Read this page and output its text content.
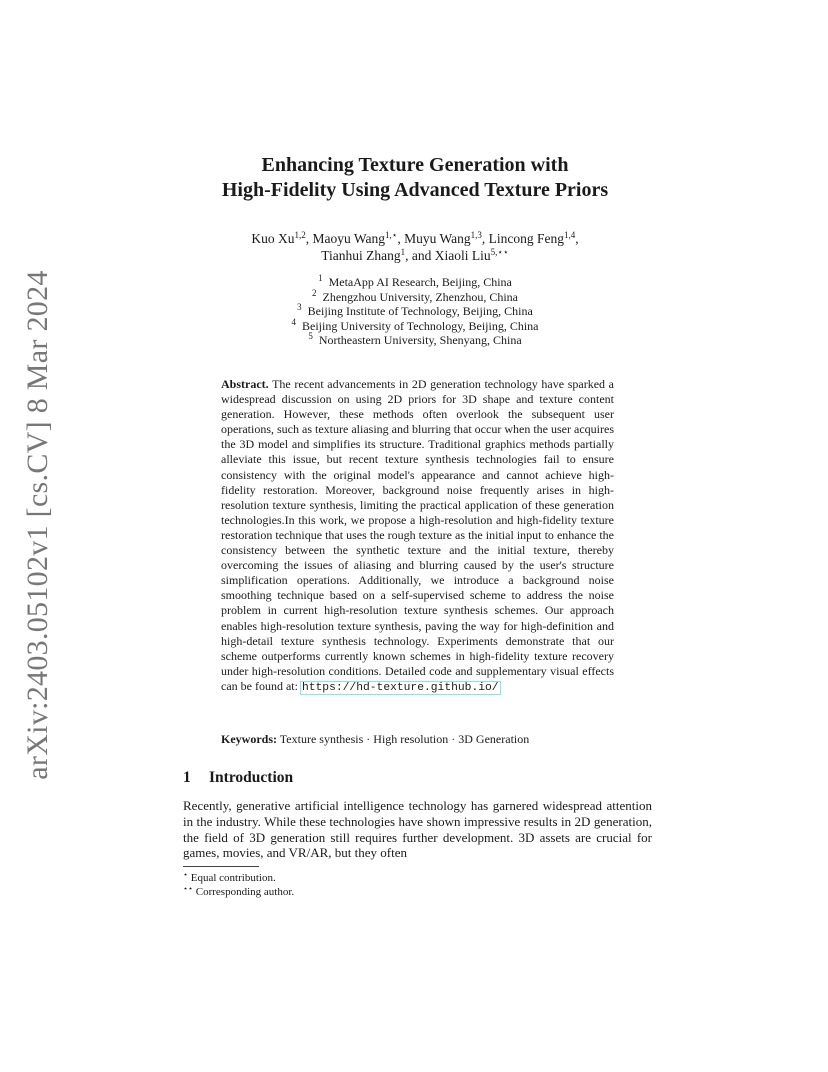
arXiv:2403.05102v1 [cs.CV] 8 Mar 2024
Enhancing Texture Generation with
High-Fidelity Using Advanced Texture Priors
Kuo Xu$^{1,2}$, Maoyu Wang$^{1,⋆}$, Muyu Wang$^{1,3}$, Lincong Feng$^{1,4}$,
Tianhui Zhang$^1$, and Xiaoli Liu$^{5,⋆⋆}$
$^1$ MetaApp AI Research, Beijing, China
$^2$ Zhengzhou University, Zhenzhou, China
$^3$ Beijing Institute of Technology, Beijing, China
$^4$ Beijing University of Technology, Beijing, China
$^5$ Northeastern University, Shenyang, China
Abstract. The recent advancements in 2D generation technology have sparked a widespread discussion on using 2D priors for 3D shape and texture content generation. However, these methods often overlook the subsequent user operations, such as texture aliasing and blurring that occur when the user acquires the 3D model and simplifies its structure. Traditional graphics methods partially alleviate this issue, but recent texture synthesis technologies fail to ensure consistency with the original model's appearance and cannot achieve high-fidelity restoration. Moreover, background noise frequently arises in high-resolution texture synthesis, limiting the practical application of these generation technologies.In this work, we propose a high-resolution and high-fidelity texture restoration technique that uses the rough texture as the initial input to enhance the consistency between the synthetic texture and the initial texture, thereby overcoming the issues of aliasing and blurring caused by the user's structure simplification operations. Additionally, we introduce a background noise smoothing technique based on a self-supervised scheme to address the noise problem in current high-resolution texture synthesis schemes. Our approach enables high-resolution texture synthesis, paving the way for high-definition and high-detail texture synthesis technology. Experiments demonstrate that our scheme outperforms currently known schemes in high-fidelity texture recovery under high-resolution conditions. Detailed code and supplementary visual effects can be found at: https://hd-texture.github.io/
Keywords: Texture synthesis · High resolution · 3D Generation
1 Introduction
Recently, generative artificial intelligence technology has garnered widespread attention in the industry. While these technologies have shown impressive results in 2D generation, the field of 3D generation still requires further development. 3D assets are crucial for games, movies, and VR/AR, but they often
⋆ Equal contribution.
⋆⋆ Corresponding author.
